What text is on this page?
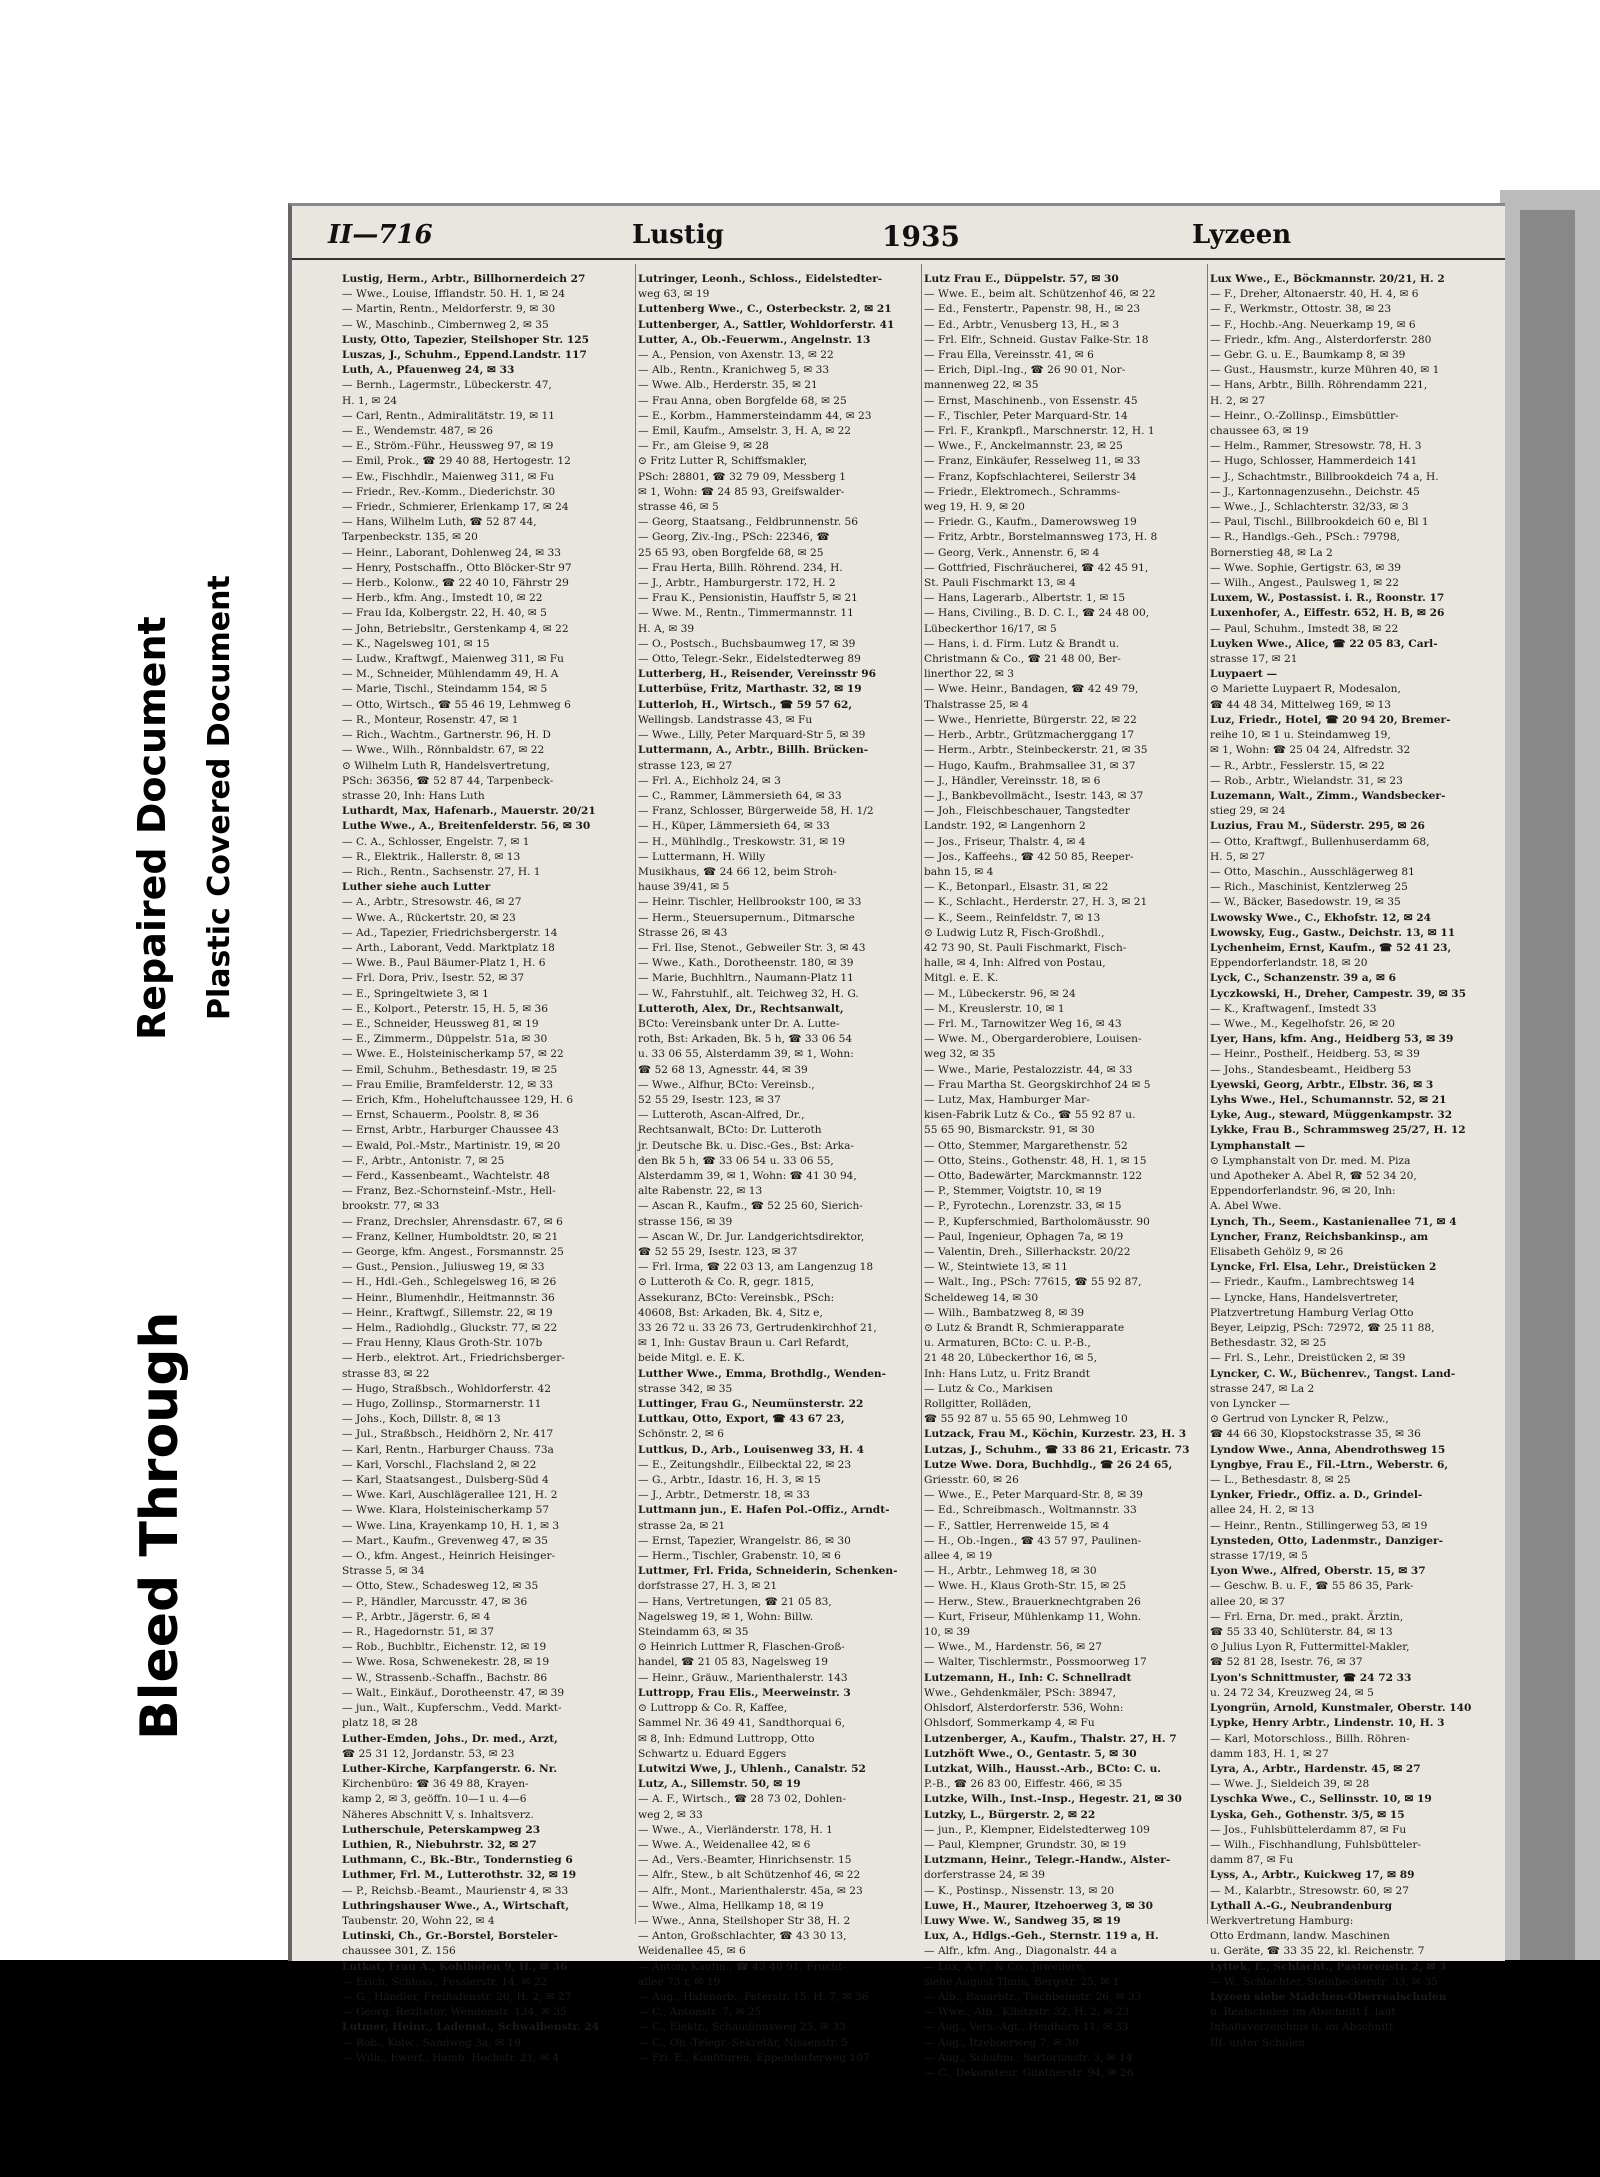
Bleed Through
Repaired Document Plastic Covered Document
II—716	Lustig	1935	Lyzeen
Lustig, Herm., Arbtr., Billhornerdeich 27
— Wwe., Louise, Ifflandstr. 50. H. 1, ✉ 24
— Martin, Rentn., Meldorferstr. 9, ✉ 30
— W., Maschinb., Cimbernweg 2, ✉ 35
Lusty, Otto, Tapezier, Steilshoper Str. 125
Luszas, J., Schuhm., Eppend.Landstr. 117
Luth, A., Pfauenweg 24, ✉ 33
— Bernh., Lagermstr., Lübeckerstr. 47,
H. 1, ✉ 24
— Carl, Rentn., Admiralitätstr. 19, ✉ 11
— E., Wendemstr. 487, ✉ 26
— E., Ström.-Führ., Heussweg 97, ✉ 19
— Emil, Prok., ☎ 29 40 88, Hertogestr. 12
— Ew., Fischhdlr., Maienweg 311, ✉ Fu
— Friedr., Rev.-Komm., Diederichstr. 30
— Friedr., Schmierer, Erlenkamp 17, ✉ 24
— Hans, Wilhelm Luth, ☎ 52 87 44,
Tarpenbeckstr. 135, ✉ 20
— Heinr., Laborant, Dohlenweg 24, ✉ 33
— Henry, Postschaffn., Otto Blöcker-Str 97
— Herb., Kolonw., ☎ 22 40 10, Fährstr 29
— Herb., kfm. Ang., Imstedt 10, ✉ 22
— Frau Ida, Kolbergstr. 22, H. 40, ✉ 5
— John, Betriebsltr., Gerstenkamp 4, ✉ 22
— K., Nagelsweg 101, ✉ 15
— Ludw., Kraftwgf., Maienweg 311, ✉ Fu
— M., Schneider, Mühlendamm 49, H. A
— Marie, Tischl., Steindamm 154, ✉ 5
— Otto, Wirtsch., ☎ 55 46 19, Lehmweg 6
— R., Monteur, Rosenstr. 47, ✉ 1
— Rich., Wachtm., Gartnerstr. 96, H. D
— Wwe., Wilh., Rönnbaldstr. 67, ✉ 22
⊙ Wilhelm Luth R, Handelsvertretung,
PSch: 36356, ☎ 52 87 44, Tarpenbeck-
strasse 20, Inh: Hans Luth
Luthardt, Max, Hafenarb., Mauerstr. 20/21
Luthe Wwe., A., Breitenfelderstr. 56, ✉ 30
— C. A., Schlosser, Engelstr. 7, ✉ 1
— R., Elektrik., Hallerstr. 8, ✉ 13
— Rich., Rentn., Sachsenstr. 27, H. 1
Luther siehe auch Lutter
— A., Arbtr., Stresowstr. 46, ✉ 27
— Wwe. A., Rückertstr. 20, ✉ 23
— Ad., Tapezier, Friedrichsbergerstr. 14
— Arth., Laborant, Vedd. Marktplatz 18
— Wwe. B., Paul Bäumer-Platz 1, H. 6
— Frl. Dora, Priv., Isestr. 52, ✉ 37
— E., Springeltwiete 3, ✉ 1
— E., Kolport., Peterstr. 15, H. 5, ✉ 36
— E., Schneider, Heussweg 81, ✉ 19
— E., Zimmerm., Düppelstr. 51a, ✉ 30
— Wwe. E., Holsteinischerkamp 57, ✉ 22
— Emil, Schuhm., Bethesdastr. 19, ✉ 25
— Frau Emilie, Bramfelderstr. 12, ✉ 33
— Erich, Kfm., Hoheluftchaussee 129, H. 6
— Ernst, Schauerm., Poolstr. 8, ✉ 36
— Ernst, Arbtr., Harburger Chaussee 43
— Ewald, Pol.-Mstr., Martinistr. 19, ✉ 20
— F., Arbtr., Antonistr. 7, ✉ 25
— Ferd., Kassenbeamt., Wachtelstr. 48
— Franz, Bez.-Schornsteinf.-Mstr., Hell-
brookstr. 77, ✉ 33
— Franz, Drechsler, Ahrensdastr. 67, ✉ 6
— Franz, Kellner, Humboldtstr. 20, ✉ 21
— George, kfm. Angest., Forsmannstr. 25
— Gust., Pension., Juliusweg 19, ✉ 33
— H., Hdl.-Geh., Schlegelsweg 16, ✉ 26
— Heinr., Blumenhdlr., Heitmannstr. 36
— Heinr., Kraftwgf., Sillemstr. 22, ✉ 19
— Helm., Radiohdlg., Gluckstr. 77, ✉ 22
— Frau Henny, Klaus Groth-Str. 107b
— Herb., elektrot. Art., Friedrichsberger-
strasse 83, ✉ 22
— Hugo, Straßbsch., Wohldorferstr. 42
— Hugo, Zollinsp., Stormarnerstr. 11
— Johs., Koch, Dillstr. 8, ✉ 13
— Jul., Straßbsch., Heidhörn 2, Nr. 417
— Karl, Rentn., Harburger Chauss. 73a
— Karl, Vorschl., Flachsland 2, ✉ 22
— Karl, Staatsangest., Dulsberg-Süd 4
— Wwe. Karl, Auschlägerallee 121, H. 2
— Wwe. Klara, Holsteinischerkamp 57
— Wwe. Lina, Krayenkamp 10, H. 1, ✉ 3
— Mart., Kaufm., Grevenweg 47, ✉ 35
— O., kfm. Angest., Heinrich Heisinger-
Strasse 5, ✉ 34
— Otto, Stew., Schadesweg 12, ✉ 35
— P., Händler, Marcusstr. 47, ✉ 36
— P., Arbtr., Jägerstr. 6, ✉ 4
— R., Hagedornstr. 51, ✉ 37
— Rob., Buchbltr., Eichenstr. 12, ✉ 19
— Wwe. Rosa, Schwenekestr. 28, ✉ 19
— W., Strassenb.-Schaffn., Bachstr. 86
— Walt., Einkäuf., Dorotheenstr. 47, ✉ 39
— jun., Walt., Kupferschm., Vedd. Markt-
platz 18, ✉ 28
Luther-Emden, Johs., Dr. med., Arzt,
☎ 25 31 12, Jordanstr. 53, ✉ 23
Luther-Kirche, Karpfangerstr. 6. Nr.
Kirchenbüro: ☎ 36 49 88, Krayen-
kamp 2, ✉ 3, geöffn. 10—1 u. 4—6
Näheres Abschnitt V, s. Inhaltsverz.
Lutherschule, Peterskampweg 23
Luthien, R., Niebuhrstr. 32, ✉ 27
Luthmann, C., Bk.-Btr., Tondernstieg 6
Luthmer, Frl. M., Lutterothstr. 32, ✉ 19
— P., Reichsb.-Beamt., Maurienstr 4, ✉ 33
Luthringshauser Wwe., A., Wirtschaft,
Taubenstr. 20, Wohn 22, ✉ 4
Lutinski, Ch., Gr.-Borstel, Borsteler-
chaussee 301, Z. 156
Lutkat, Frau A., Kohlhöfen 9, H., ✉ 36
— Erich, Schloss., Fesslerstr. 14, ✉ 22
— G., Händler, Freihafenstr. 20, H. 2, ✉ 27
— Georg, Rezitator, Wendenstr. 134, ✉ 35
Lutmer, Heinr., Lademst., Schwalbenstr. 24
— Rob., Kolw., Sandweg 3a, ✉ 19
— Wilh., Ewerf., Hamb. Hochstr. 21, ✉ 4
Lutringer, Leonh., Schloss., Eidelstedter-
weg 63, ✉ 19
Luttenberg Wwe., C., Osterbeckstr. 2, ✉ 21
Luttenberger, A., Sattler, Wohldorferstr. 41
Lutter, A., Ob.-Feuerwm., Angelnstr. 13
— A., Pension, von Axenstr. 13, ✉ 22
— Alb., Rentn., Kranichweg 5, ✉ 33
— Wwe. Alb., Herderstr. 35, ✉ 21
— Frau Anna, oben Borgfelde 68, ✉ 25
— E., Korbm., Hammersteindamm 44, ✉ 23
— Emil, Kaufm., Amselstr. 3, H. A, ✉ 22
— Fr., am Gleise 9, ✉ 28
⊙ Fritz Lutter R, Schiffsmakler,
PSch: 28801, ☎ 32 79 09, Messberg 1
✉ 1, Wohn: ☎ 24 85 93, Greifswalder-
strasse 46, ✉ 5
— Georg, Staatsang., Feldbrunnenstr. 56
— Georg, Ziv.-Ing., PSch: 22346, ☎
25 65 93, oben Borgfelde 68, ✉ 25
— Frau Herta, Billh. Röhrend. 234, H.
— J., Arbtr., Hamburgerstr. 172, H. 2
— Frau K., Pensionistin, Hauffstr 5, ✉ 21
— Wwe. M., Rentn., Timmermannstr. 11
H. A, ✉ 39
— O., Postsch., Buchsbaumweg 17, ✉ 39
— Otto, Telegr.-Sekr., Eidelstedterweg 89
Lutterberg, H., Reisender, Vereinsstr 96
Lutterbüse, Fritz, Marthastr. 32, ✉ 19
Lutterloh, H., Wirtsch., ☎ 59 57 62,
Wellingsb. Landstrasse 43, ✉ Fu
— Wwe., Lilly, Peter Marquard-Str 5, ✉ 39
Luttermann, A., Arbtr., Billh. Brücken-
strasse 123, ✉ 27
— Frl. A., Eichholz 24, ✉ 3
— C., Rammer, Lämmersieth 64, ✉ 33
— Franz, Schlosser, Bürgerweide 58, H. 1/2
— H., Küper, Lämmersieth 64, ✉ 33
— H., Mühlhdlg., Treskowstr. 31, ✉ 19
— Luttermann, H. Willy
Musikhaus, ☎ 24 66 12, beim Stroh-
hause 39/41, ✉ 5
— Heinr. Tischler, Hellbrookstr 100, ✉ 33
— Herm., Steuersupernum., Ditmarsche
Strasse 26, ✉ 43
— Frl. Ilse, Stenot., Gebweiler Str. 3, ✉ 43
— Wwe., Kath., Dorotheenstr. 180, ✉ 39
— Marie, Buchhltrn., Naumann-Platz 11
— W., Fahrstuhlf., alt. Teichweg 32, H. G.
Lutteroth, Alex, Dr., Rechtsanwalt,
BCto: Vereinsbank unter Dr. A. Lutte-
roth, Bst: Arkaden, Bk. 5 h, ☎ 33 06 54
u. 33 06 55, Alsterdamm 39, ✉ 1, Wohn:
☎ 52 68 13, Agnesstr. 44, ✉ 39
— Wwe., Alfhur, BCto: Vereinsb.,
52 55 29, Isestr. 123, ✉ 37
— Lutteroth, Ascan-Alfred, Dr.,
Rechtsanwalt, BCto: Dr. Lutteroth
jr. Deutsche Bk. u. Disc.-Ges., Bst: Arka-
den Bk 5 h, ☎ 33 06 54 u. 33 06 55,
Alsterdamm 39, ✉ 1, Wohn: ☎ 41 30 94,
alte Rabenstr. 22, ✉ 13
— Ascan R., Kaufm., ☎ 52 25 60, Sierich-
strasse 156, ✉ 39
— Ascan W., Dr. Jur. Landgerichtsdirektor,
☎ 52 55 29, Isestr. 123, ✉ 37
— Frl. Irma, ☎ 22 03 13, am Langenzug 18
⊙ Lutteroth & Co. R, gegr. 1815,
Assekuranz, BCto: Vereinsbk., PSch:
40608, Bst: Arkaden, Bk. 4, Sitz e,
33 26 72 u. 33 26 73, Gertrudenkirchhof 21,
✉ 1, Inh: Gustav Braun u. Carl Refardt,
beide Mitgl. e. E. K.
Lutther Wwe., Emma, Brothdlg., Wenden-
strasse 342, ✉ 35
Luttinger, Frau G., Neumünsterstr. 22
Luttkau, Otto, Export, ☎ 43 67 23,
Schönstr. 2, ✉ 6
Luttkus, D., Arb., Louisenweg 33, H. 4
— E., Zeitungshdlr., Eilbecktal 22, ✉ 23
— G., Arbtr., Idastr. 16, H. 3, ✉ 15
— J., Arbtr., Detmerstr. 18, ✉ 33
Luttmann jun., E. Hafen Pol.-Offiz., Arndt-
strasse 2a, ✉ 21
— Ernst, Tapezier, Wrangelstr. 86, ✉ 30
— Herm., Tischler, Grabenstr. 10, ✉ 6
Luttmer, Frl. Frida, Schneiderin, Schenken-
dorfstrasse 27, H. 3, ✉ 21
— Hans, Vertretungen, ☎ 21 05 83,
Nagelsweg 19, ✉ 1, Wohn: Billw.
Steindamm 63, ✉ 35
⊙ Heinrich Luttmer R, Flaschen-Groß-
handel, ☎ 21 05 83, Nagelsweg 19
— Heinr., Gräuw., Marienthalerstr. 143
Luttropp, Frau Elis., Meerweinstr. 3
⊙ Luttropp & Co. R, Kaffee,
Sammel Nr. 36 49 41, Sandthorquai 6,
✉ 8, Inh: Edmund Luttropp, Otto
Schwartz u. Eduard Eggers
Lutwitzi Wwe, J., Uhlenh., Canalstr. 52
Lutz, A., Sillemstr. 50, ✉ 19
— A. F., Wirtsch., ☎ 28 73 02, Dohlen-
weg 2, ✉ 33
— Wwe., A., Vierländerstr. 178, H. 1
— Wwe. A., Weidenallee 42, ✉ 6
— Ad., Vers.-Beamter, Hinrichsenstr. 15
— Alfr., Stew., b alt Schützenhof 46, ✉ 22
— Alfr., Mont., Marienthalerstr. 45a, ✉ 23
— Wwe., Alma, Hellkamp 18, ✉ 19
— Wwe., Anna, Steilshoper Str 38, H. 2
— Anton, Großschlachter, ☎ 43 30 13,
Weidenallee 45, ✉ 6
— Anton, Kaufm., ☎ 43 40 91, Frucht-
allee 73 r, ✉ 19
— Aug., Hafenarb., Peterstr. 15, H. 7, ✉ 36
— C., Antonstr. 7, ✉ 25
— C., Elektr., Schaudinnsweg 25, ✉ 33
— C., Ob.-Telegr.-Sekretär, Nissenstr. 5
— Frl. E., Konfituren, Eppendorferweg 107
Lutz Frau E., Düppelstr. 57, ✉ 30
— Wwe. E., beim alt. Schützenhof 46, ✉ 22
— Ed., Fenstertr., Papenstr. 98, H., ✉ 23
— Ed., Arbtr., Venusberg 13, H., ✉ 3
— Frl. Elfr., Schneid. Gustav Falke-Str. 18
— Frau Ella, Vereinsstr. 41, ✉ 6
— Erich, Dipl.-Ing., ☎ 26 90 01, Nor-
mannenweg 22, ✉ 35
— Ernst, Maschinenb., von Essenstr. 45
— F., Tischler, Peter Marquard-Str. 14
— Frl. F., Krankpfl., Marschnerstr. 12, H. 1
— Wwe., F., Anckelmannstr. 23, ✉ 25
— Franz, Einkäufer, Resselweg 11, ✉ 33
— Franz, Kopfschlachterei, Seilerstr 34
— Friedr., Elektromech., Schramms-
weg 19, H. 9, ✉ 20
— Friedr. G., Kaufm., Damerowsweg 19
— Fritz, Arbtr., Borstelmannsweg 173, H. 8
— Georg, Verk., Annenstr. 6, ✉ 4
— Gottfried, Fischräucherei, ☎ 42 45 91,
St. Pauli Fischmarkt 13, ✉ 4
— Hans, Lagerarb., Albertstr. 1, ✉ 15
— Hans, Civiling., B. D. C. I., ☎ 24 48 00,
Lübeckerthor 16/17, ✉ 5
— Hans, i. d. Firm. Lutz & Brandt u.
Christmann & Co., ☎ 21 48 00, Ber-
linerthor 22, ✉ 3
— Wwe. Heinr., Bandagen, ☎ 42 49 79,
Thalstrasse 25, ✉ 4
— Wwe., Henriette, Bürgerstr. 22, ✉ 22
— Herb., Arbtr., Grützmacherggang 17
— Herm., Arbtr., Steinbeckerstr. 21, ✉ 35
— Hugo, Kaufm., Brahmsallee 31, ✉ 37
— J., Händler, Vereinsstr. 18, ✉ 6
— J., Bankbevollmächt., Isestr. 143, ✉ 37
— Joh., Fleischbeschauer, Tangstedter
Landstr. 192, ✉ Langenhorn 2
— Jos., Friseur, Thalstr. 4, ✉ 4
— Jos., Kaffeehs., ☎ 42 50 85, Reeper-
bahn 15, ✉ 4
— K., Betonparl., Elsastr. 31, ✉ 22
— K., Schlacht., Herderstr. 27, H. 3, ✉ 21
— K., Seem., Reinfeldstr. 7, ✉ 13
⊙ Ludwig Lutz R, Fisch-Großhdl.,
42 73 90, St. Pauli Fischmarkt, Fisch-
halle, ✉ 4, Inh: Alfred von Postau,
Mitgl. e. E. K.
— M., Lübeckerstr. 96, ✉ 24
— M., Kreuslerstr. 10, ✉ 1
— Frl. M., Tarnowitzer Weg 16, ✉ 43
— Wwe. M., Obergarderobiere, Louisen-
weg 32, ✉ 35
— Wwe., Marie, Pestalozzistr. 44, ✉ 33
— Frau Martha St. Georgskirchhof 24 ✉ 5
— Lutz, Max, Hamburger Mar-
kisen-Fabrik Lutz & Co., ☎ 55 92 87 u.
55 65 90, Bismarckstr. 91, ✉ 30
— Otto, Stemmer, Margarethenstr. 52
— Otto, Steins., Gothenstr. 48, H. 1, ✉ 15
— Otto, Badewärter, Marckmannstr. 122
— P., Stemmer, Voigtstr. 10, ✉ 19
— P., Fyrotechn., Lorenzstr. 33, ✉ 15
— P., Kupferschmied, Bartholomäusstr. 90
— Paul, Ingenieur, Ophagen 7a, ✉ 19
— Valentin, Dreh., Sillerhackstr. 20/22
— W., Steintwiete 13, ✉ 11
— Walt., Ing., PSch: 77615, ☎ 55 92 87,
Scheldeweg 14, ✉ 30
— Wilh., Bambatzweg 8, ✉ 39
⊙ Lutz & Brandt R, Schmierapparate
u. Armaturen, BCto: C. u. P.-B.,
21 48 20, Lübeckerthor 16, ✉ 5,
Inh: Hans Lutz, u. Fritz Brandt
— Lutz & Co., Markisen
Rollgitter, Rolläden,
☎ 55 92 87 u. 55 65 90, Lehmweg 10
Lutzack, Frau M., Köchin, Kurzestr. 23, H. 3
Lutzas, J., Schuhm., ☎ 33 86 21, Ericastr. 73
Lutze Wwe. Dora, Buchhdlg., ☎ 26 24 65,
Griesstr. 60, ✉ 26
— Wwe., E., Peter Marquard-Str. 8, ✉ 39
— Ed., Schreibmasch., Woltmannstr. 33
— F., Sattler, Herrenweide 15, ✉ 4
— H., Ob.-Ingen., ☎ 43 57 97, Paulinen-
allee 4, ✉ 19
— H., Arbtr., Lehmweg 18, ✉ 30
— Wwe. H., Klaus Groth-Str. 15, ✉ 25
— Herw., Stew., Brauerknechtgraben 26
— Kurt, Friseur, Mühlenkamp 11, Wohn.
10, ✉ 39
— Wwe., M., Hardenstr. 56, ✉ 27
— Walter, Tischlermstr., Possmoorweg 17
Lutzemann, H., Inh: C. Schnellradt
Wwe., Gehdenkmäler, PSch: 38947,
Ohlsdorf, Alsterdorferstr. 536, Wohn:
Ohlsdorf, Sommerkamp 4, ✉ Fu
Lutzenberger, A., Kaufm., Thalstr. 27, H. 7
Lutzhöft Wwe., O., Gentastr. 5, ✉ 30
Lutzkat, Wilh., Hausst.-Arb., BCto: C. u.
P.-B., ☎ 26 83 00, Eiffestr. 466, ✉ 35
Lutzke, Wilh., Inst.-Insp., Hegestr. 21, ✉ 30
Lutzky, L., Bürgerstr. 2, ✉ 22
— jun., P., Klempner, Eidelstedterweg 109
— Paul, Klempner, Grundstr. 30, ✉ 19
Lutzmann, Heinr., Telegr.-Handw., Alster-
dorferstrasse 24, ✉ 39
— K., Postinsp., Nissenstr. 13, ✉ 20
Luwe, H., Maurer, Itzehoerweg 3, ✉ 30
Luwy Wwe. W., Sandweg 35, ✉ 19
Lux, A., Hdlgs.-Geh., Sternstr. 119 a, H.
— Alfr., kfm. Ang., Diagonalstr. 44 a
— Lux, A. F., & Co., Juweliere,
siehe August Timm, Bergstr. 25, ✉ 1
— Alb., Bauarbtr., Tischbeinstr. 26, ✉ 33
— Wwe., Alb., Kibitzstr. 32, H. 2, ✉ 23
— Aug., Vers.-Agt., Heidhörn 11, ✉ 33
— Aug., Itzehoerweg 7, ✉ 30
— Aug., Schuhm., Sartoriusstr. 3, ✉ 14
— C., Dekorateur, Güntherstr. 94, ✉ 26
Lux Wwe., E., Böckmannstr. 20/21, H. 2
— F., Dreher, Altonaerstr. 40, H. 4, ✉ 6
— F., Werkmstr., Ottostr. 38, ✉ 23
— F., Hochb.-Ang. Neuerkamp 19, ✉ 6
— Friedr., kfm. Ang., Alsterdorferstr. 280
— Gebr. G. u. E., Baumkamp 8, ✉ 39
— Gust., Hausmstr., kurze Mühren 40, ✉ 1
— Hans, Arbtr., Billh. Röhrendamm 221,
H. 2, ✉ 27
— Heinr., O.-Zollinsp., Eimsbüttler-
chaussee 63, ✉ 19
— Helm., Rammer, Stresowstr. 78, H. 3
— Hugo, Schlosser, Hammerdeich 141
— J., Schachtmstr., Billbrookdeich 74 a, H.
— J., Kartonnagenzusehn., Deichstr. 45
— Wwe., J., Schlachterstr. 32/33, ✉ 3
— Paul, Tischl., Billbrookdeich 60 e, Bl 1
— R., Handlgs.-Geh., PSch.: 79798,
Bornerstieg 48, ✉ La 2
— Wwe. Sophie, Gertigstr. 63, ✉ 39
— Wilh., Angest., Paulsweg 1, ✉ 22
Luxem, W., Postassist. i. R., Roonstr. 17
Luxenhofer, A., Eiffestr. 652, H. B, ✉ 26
— Paul, Schuhm., Imstedt 38, ✉ 22
Luyken Wwe., Alice, ☎ 22 05 83, Carl-
strasse 17, ✉ 21
Luypaert —
⊙ Mariette Luypaert R, Modesalon,
☎ 44 48 34, Mittelweg 169, ✉ 13
Luz, Friedr., Hotel, ☎ 20 94 20, Bremer-
reihe 10, ✉ 1 u. Steindamweg 19,
✉ 1, Wohn: ☎ 25 04 24, Alfredstr. 32
— R., Arbtr., Fesslerstr. 15, ✉ 22
— Rob., Arbtr., Wielandstr. 31, ✉ 23
Luzemann, Walt., Zimm., Wandsbecker-
stieg 29, ✉ 24
Luzius, Frau M., Süderstr. 295, ✉ 26
— Otto, Kraftwgf., Bullenhuserdamm 68,
H. 5, ✉ 27
— Otto, Maschin., Ausschlägerweg 81
— Rich., Maschinist, Kentzlerweg 25
— W., Bäcker, Basedowstr. 19, ✉ 35
Lwowsky Wwe., C., Ekhofstr. 12, ✉ 24
Lwowsky, Eug., Gastw., Deichstr. 13, ✉ 11
Lychenheim, Ernst, Kaufm., ☎ 52 41 23,
Eppendorferlandstr. 18, ✉ 20
Lyck, C., Schanzenstr. 39 a, ✉ 6
Lyczkowski, H., Dreher, Campestr. 39, ✉ 35
— K., Kraftwagenf., Imstedt 33
— Wwe., M., Kegelhofstr. 26, ✉ 20
Lyer, Hans, kfm. Ang., Heidberg 53, ✉ 39
— Heinr., Posthelf., Heidberg. 53, ✉ 39
— Johs., Standesbeamt., Heidberg 53
Lyewski, Georg, Arbtr., Elbstr. 36, ✉ 3
Lyhs Wwe., Hel., Schumannstr. 52, ✉ 21
Lyke, Aug., steward, Müggenkampstr. 32
Lykke, Frau B., Schrammsweg 25/27, H. 12
Lymphanstalt —
⊙ Lymphanstalt von Dr. med. M. Piza
und Apotheker A. Abel R, ☎ 52 34 20,
Eppendorferlandstr. 96, ✉ 20, Inh:
A. Abel Wwe.
Lynch, Th., Seem., Kastanienallee 71, ✉ 4
Lyncher, Franz, Reichsbankinsp., am
Elisabeth Gehölz 9, ✉ 26
Lyncke, Frl. Elsa, Lehr., Dreistücken 2
— Friedr., Kaufm., Lambrechtsweg 14
— Lyncke, Hans, Handelsvertreter,
Platzvertretung Hamburg Verlag Otto
Beyer, Leipzig, PSch: 72972, ☎ 25 11 88,
Bethesdastr. 32, ✉ 25
— Frl. S., Lehr., Dreistücken 2, ✉ 39
Lyncker, C. W., Büchenrev., Tangst. Land-
strasse 247, ✉ La 2
von Lyncker —
⊙ Gertrud von Lyncker R, Pelzw.,
☎ 44 66 30, Klopstockstrasse 35, ✉ 36
Lyndow Wwe., Anna, Abendrothsweg 15
Lyngbye, Frau E., Fil.-Ltrn., Weberstr. 6,
— L., Bethesdastr. 8, ✉ 25
Lynker, Friedr., Offiz. a. D., Grindel-
allee 24, H. 2, ✉ 13
— Heinr., Rentn., Stillingerweg 53, ✉ 19
Lynsteden, Otto, Ladenmstr., Danziger-
strasse 17/19, ✉ 5
Lyon Wwe., Alfred, Oberstr. 15, ✉ 37
— Geschw. B. u. F., ☎ 55 86 35, Park-
allee 20, ✉ 37
— Frl. Erna, Dr. med., prakt. Ärztin,
☎ 55 33 40, Schlüterstr. 84, ✉ 13
⊙ Julius Lyon R, Futtermittel-Makler,
☎ 52 81 28, Isestr. 76, ✉ 37
Lyon's Schnittmuster, ☎ 24 72 33
u. 24 72 34, Kreuzweg 24, ✉ 5
Lyongrün, Arnold, Kunstmaler, Oberstr. 140
Lypke, Henry Arbtr., Lindenstr. 10, H. 3
— Karl, Motorschloss., Billh. Röhren-
damm 183, H. 1, ✉ 27
Lyra, A., Arbtr., Hardenstr. 45, ✉ 27
— Wwe. J., Sieldeich 39, ✉ 28
Lyschka Wwe., C., Sellinsstr. 10, ✉ 19
Lyska, Geh., Gothenstr. 3/5, ✉ 15
— Jos., Fuhlsbüttelerdamm 87, ✉ Fu
— Wilh., Fischhandlung, Fuhlsbütteler-
damm 87, ✉ Fu
Lyss, A., Arbtr., Kuickweg 17, ✉ 89
— M., Kalarbtr., Stresowstr. 60, ✉ 27
Lythall A.-G., Neubrandenburg
Werkvertretung Hamburg:
Otto Erdmann, landw. Maschinen
u. Geräte, ☎ 33 35 22, kl. Reichenstr. 7
Lyttek, E., Schlacht., Pastorenstr. 2, ✉ 3
— W., Schlachter, Steinbeckerstr. 33, ✉ 35
Lyzeen siehe Mädchen-Oberrealschulen
u. Realschulen im Abschnitt I. laut
Inhaltsverzeichnis u. im Abschnitt
III. unter Schulen
